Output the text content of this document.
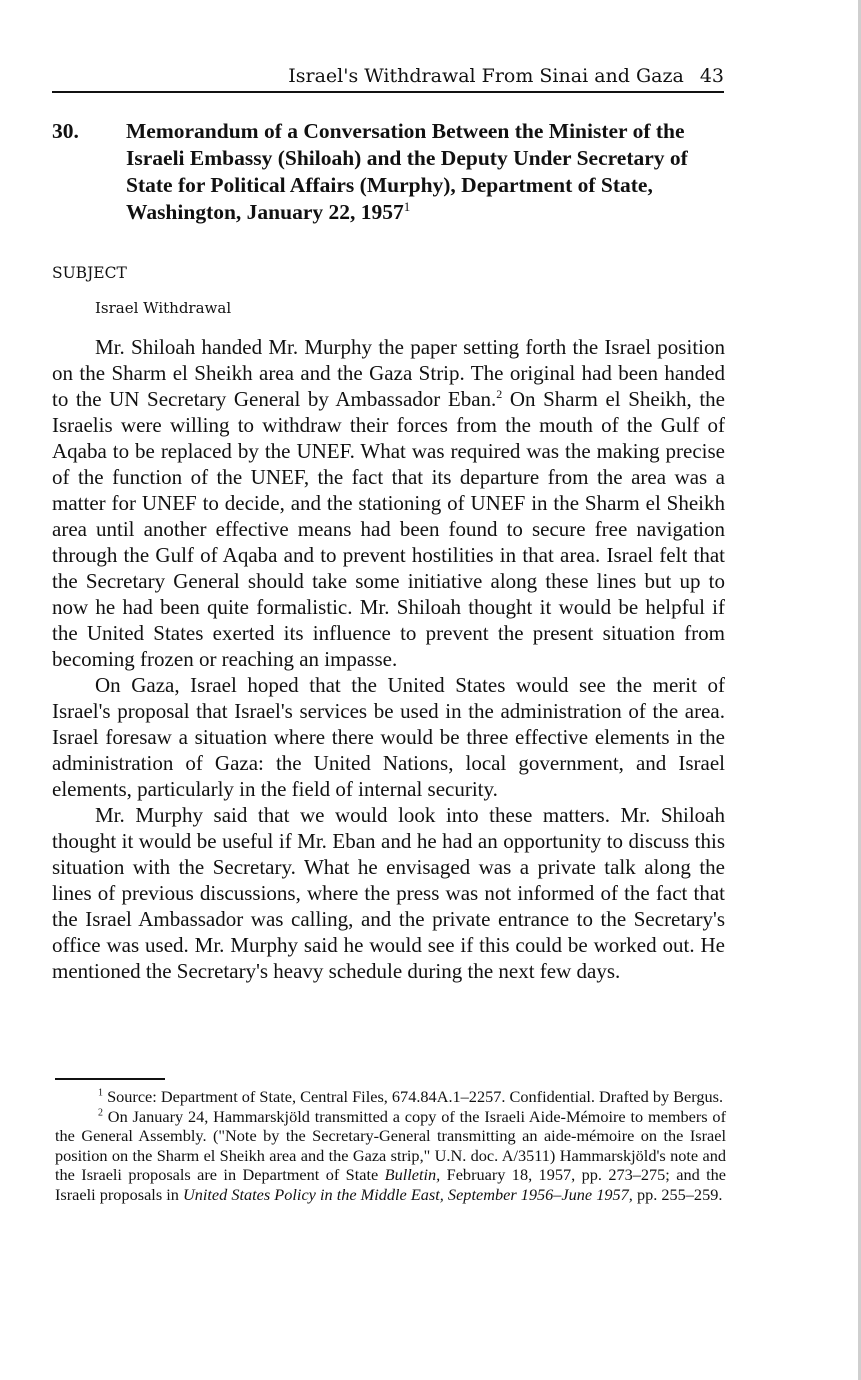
Israel's Withdrawal From Sinai and Gaza 43
30. Memorandum of a Conversation Between the Minister of the Israeli Embassy (Shiloah) and the Deputy Under Secretary of State for Political Affairs (Murphy), Department of State, Washington, January 22, 1957$^1$
SUBJECT
Israel Withdrawal

Mr. Shiloah handed Mr. Murphy the paper setting forth the Israel position on the Sharm el Sheikh area and the Gaza Strip. The original had been handed to the UN Secretary General by Ambassador Eban.$^2$ On Sharm el Sheikh, the Israelis were willing to withdraw their forces from the mouth of the Gulf of Aqaba to be replaced by the UNEF. What was required was the making precise of the function of the UNEF, the fact that its departure from the area was a matter for UNEF to decide, and the stationing of UNEF in the Sharm el Sheikh area until another effective means had been found to secure free navigation through the Gulf of Aqaba and to prevent hostilities in that area. Israel felt that the Secretary General should take some initiative along these lines but up to now he had been quite formalistic. Mr. Shiloah thought it would be helpful if the United States exerted its influence to prevent the present situation from becoming frozen or reaching an impasse.

On Gaza, Israel hoped that the United States would see the merit of Israel's proposal that Israel's services be used in the administration of the area. Israel foresaw a situation where there would be three effective elements in the administration of Gaza: the United Nations, local government, and Israel elements, particularly in the field of internal security.

Mr. Murphy said that we would look into these matters. Mr. Shiloah thought it would be useful if Mr. Eban and he had an opportunity to discuss this situation with the Secretary. What he envisaged was a private talk along the lines of previous discussions, where the press was not informed of the fact that the Israel Ambassador was calling, and the private entrance to the Secretary's office was used. Mr. Murphy said he would see if this could be worked out. He mentioned the Secretary's heavy schedule during the next few days.

$^1$ Source: Department of State, Central Files, 674.84A.1–2257. Confidential. Drafted by Bergus.

$^2$ On January 24, Hammarskjöld transmitted a copy of the Israeli Aide-Mémoire to members of the General Assembly. ("Note by the Secretary-General transmitting an aide-mémoire on the Israel position on the Sharm el Sheikh area and the Gaza strip," U.N. doc. A/3511) Hammarskjöld's note and the Israeli proposals are in Department of State Bulletin, February 18, 1957, pp. 273–275; and the Israeli proposals in United States Policy in the Middle East, September 1956–June 1957, pp. 255–259.
